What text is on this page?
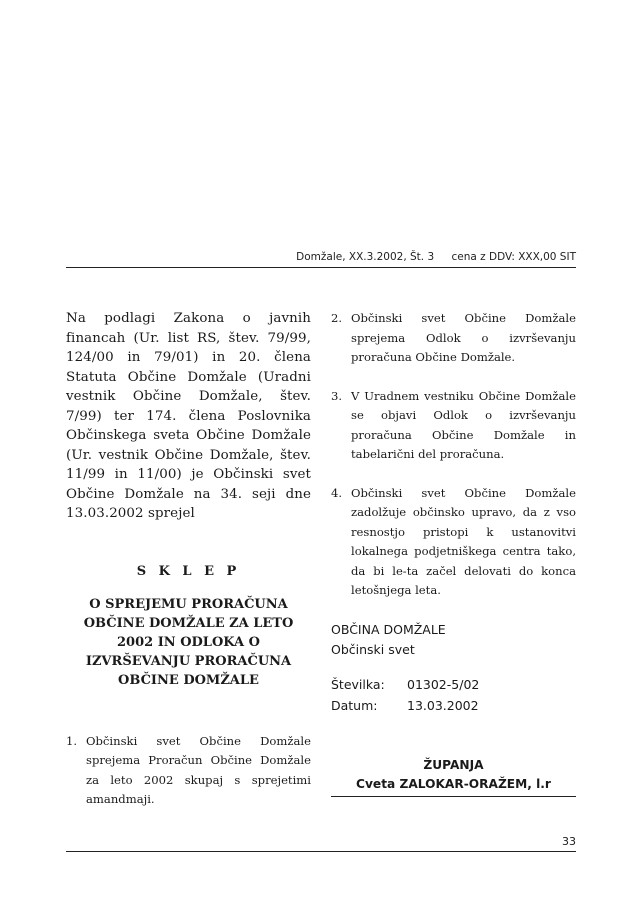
Domžale, XX.3.2002, Št. 3 cena z DDV: XXX,00 SIT

Na podlagi Zakona o javnih financah (Ur. list RS, štev. 79/99, 124/00 in 79/01) in 20. člena Statuta Občine Domžale (Uradni vestnik Občine Domžale, štev. 7/99) ter 174. člena Poslovnika Občinskega sveta Občine Domžale (Ur. vestnik Občine Domžale, štev. 11/99 in 11/00) je Občinski svet Občine Domžale na 34. seji dne 13.03.2002 sprejel

S K L E P
O SPREJEMU PRORAČUNA OBČINE DOMŽALE ZA LETO 2002 IN ODLOKA O IZVRŠEVANJU PRORAČUNA OBČINE DOMŽALE
1. Občinski svet Občine Domžale sprejema Proračun Občine Domžale za leto 2002 skupaj s sprejetimi amandmaji.
2. Občinski svet Občine Domžale sprejema Odlok o izvrševanju proračuna Občine Domžale.
3. V Uradnem vestniku Občine Domžale se objavi Odlok o izvrševanju proračuna Občine Domžale in tabelarični del proračuna.
4. Občinski svet Občine Domžale zadolžuje občinsko upravo, da z vso resnostjo pristopi k ustanovitvi lokalnega podjetniškega centra tako, da bi le-ta začel delovati do konca letošnjega leta.
OBČINA DOMŽALE
Občinski svet
Številka:	01302-5/02
Datum:	13.03.2002
ŽUPANJA
Cveta ZALOKAR-ORAŽEM, l.r
33
